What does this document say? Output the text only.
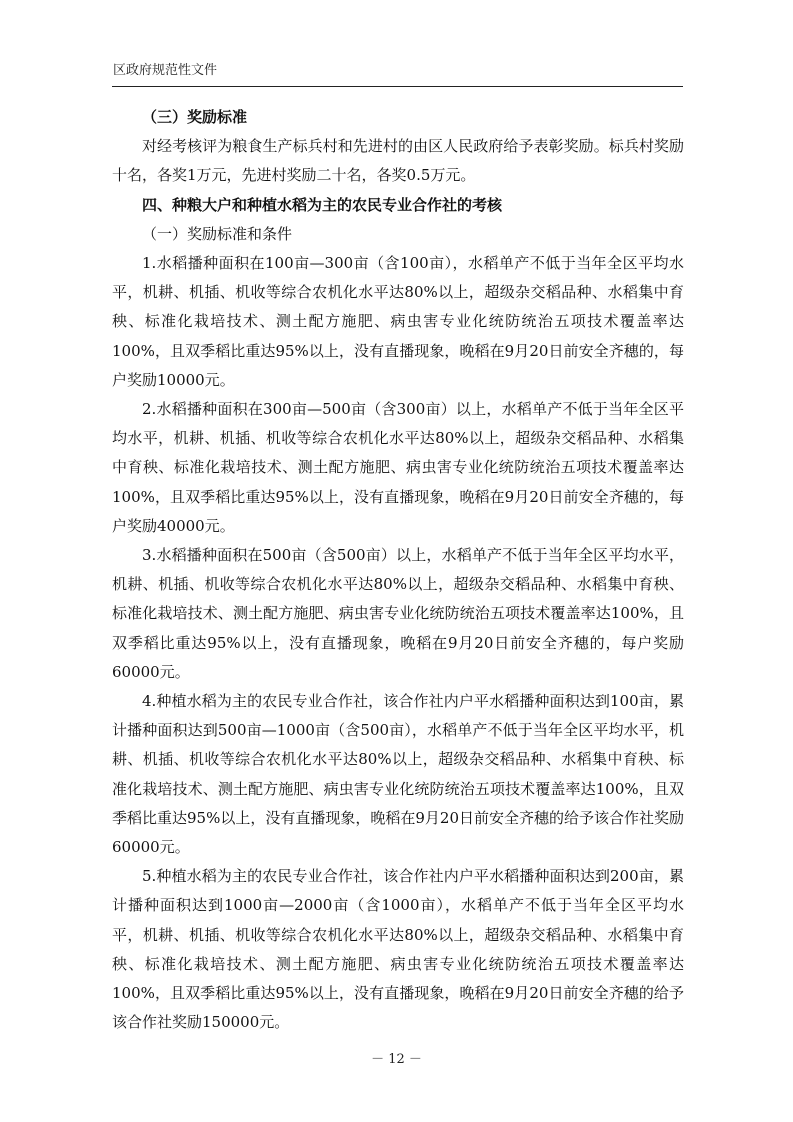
区政府规范性文件

（三）奖励标准

对经考核评为粮食生产标兵村和先进村的由区人民政府给予表彰奖励。标兵村奖励十名，各奖1万元，先进村奖励二十名，各奖0.5万元。

四、种粮大户和种植水稻为主的农民专业合作社的考核

（一）奖励标准和条件

1.水稻播种面积在100亩—300亩（含100亩），水稻单产不低于当年全区平均水平，机耕、机插、机收等综合农机化水平达80%以上，超级杂交稻品种、水稻集中育秧、标准化栽培技术、测土配方施肥、病虫害专业化统防统治五项技术覆盖率达100%，且双季稻比重达95%以上，没有直播现象，晚稻在9月20日前安全齐穗的，每户奖励10000元。

2.水稻播种面积在300亩—500亩（含300亩）以上，水稻单产不低于当年全区平均水平，机耕、机插、机收等综合农机化水平达80%以上，超级杂交稻品种、水稻集中育秧、标准化栽培技术、测土配方施肥、病虫害专业化统防统治五项技术覆盖率达100%，且双季稻比重达95%以上，没有直播现象，晚稻在9月20日前安全齐穗的，每户奖励40000元。

3.水稻播种面积在500亩（含500亩）以上，水稻单产不低于当年全区平均水平，机耕、机插、机收等综合农机化水平达80%以上，超级杂交稻品种、水稻集中育秧、标准化栽培技术、测土配方施肥、病虫害专业化统防统治五项技术覆盖率达100%，且双季稻比重达95%以上，没有直播现象，晚稻在9月20日前安全齐穗的，每户奖励60000元。

4.种植水稻为主的农民专业合作社，该合作社内户平水稻播种面积达到100亩，累计播种面积达到500亩—1000亩（含500亩），水稻单产不低于当年全区平均水平，机耕、机插、机收等综合农机化水平达80%以上，超级杂交稻品种、水稻集中育秧、标准化栽培技术、测土配方施肥、病虫害专业化统防统治五项技术覆盖率达100%，且双季稻比重达95%以上，没有直播现象，晚稻在9月20日前安全齐穗的给予该合作社奖励60000元。

5.种植水稻为主的农民专业合作社，该合作社内户平水稻播种面积达到200亩，累计播种面积达到1000亩—2000亩（含1000亩），水稻单产不低于当年全区平均水平，机耕、机插、机收等综合农机化水平达80%以上，超级杂交稻品种、水稻集中育秧、标准化栽培技术、测土配方施肥、病虫害专业化统防统治五项技术覆盖率达100%，且双季稻比重达95%以上，没有直播现象，晚稻在9月20日前安全齐穗的给予该合作社奖励150000元。

－ 12 －
